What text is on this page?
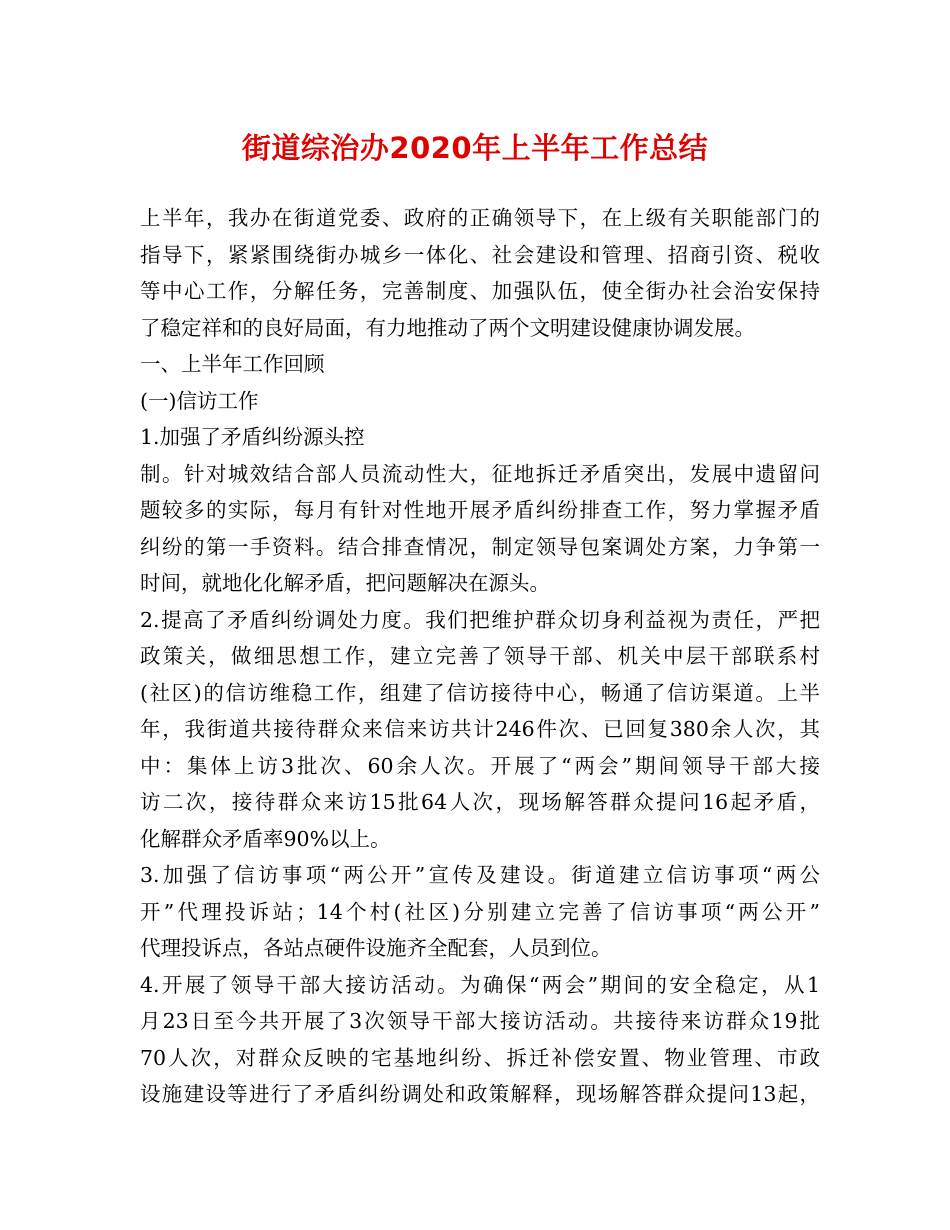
街道综治办2020年上半年工作总结
上半年，我办在街道党委、政府的正确领导下，在上级有关职能部门的
指导下，紧紧围绕街办城乡一体化、社会建设和管理、招商引资、税收
等中心工作，分解任务，完善制度、加强队伍，使全街办社会治安保持
了稳定祥和的良好局面，有力地推动了两个文明建设健康协调发展。
一、上半年工作回顾
(一)信访工作
1.加强了矛盾纠纷源头控
制。针对城效结合部人员流动性大，征地拆迁矛盾突出，发展中遗留问
题较多的实际，每月有针对性地开展矛盾纠纷排查工作，努力掌握矛盾
纠纷的第一手资料。结合排查情况，制定领导包案调处方案，力争第一
时间，就地化化解矛盾，把问题解决在源头。
2.提高了矛盾纠纷调处力度。我们把维护群众切身利益视为责任，严把
政策关，做细思想工作，建立完善了领导干部、机关中层干部联系村
(社区)的信访维稳工作，组建了信访接待中心，畅通了信访渠道。上半
年，我街道共接待群众来信来访共计246件次、已回复380余人次，其
中：集体上访3批次、60余人次。开展了“两会”期间领导干部大接
访二次，接待群众来访15批64人次，现场解答群众提问16起矛盾，
化解群众矛盾率90%以上。
3.加强了信访事项“两公开”宣传及建设。街道建立信访事项“两公
开”代理投诉站；14个村(社区)分别建立完善了信访事项“两公开”
代理投诉点，各站点硬件设施齐全配套，人员到位。
4.开展了领导干部大接访活动。为确保“两会”期间的安全稳定，从1
月23日至今共开展了3次领导干部大接访活动。共接待来访群众19批
70人次，对群众反映的宅基地纠纷、拆迁补偿安置、物业管理、市政
设施建设等进行了矛盾纠纷调处和政策解释，现场解答群众提问13起，
